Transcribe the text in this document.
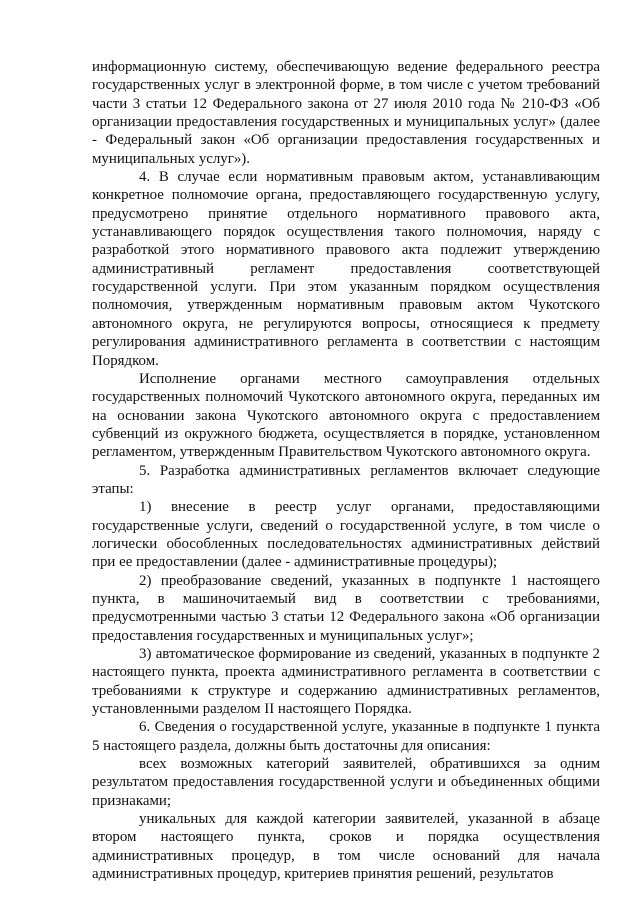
информационную систему, обеспечивающую ведение федерального реестра государственных услуг в электронной форме, в том числе с учетом требований части 3 статьи 12 Федерального закона от 27 июля 2010 года № 210-ФЗ «Об организации предоставления государственных и муниципальных услуг» (далее - Федеральный закон «Об организации предоставления государственных и муниципальных услуг»).

4. В случае если нормативным правовым актом, устанавливающим конкретное полномочие органа, предоставляющего государственную услугу, предусмотрено принятие отдельного нормативного правового акта, устанавливающего порядок осуществления такого полномочия, наряду с разработкой этого нормативного правового акта подлежит утверждению административный регламент предоставления соответствующей государственной услуги. При этом указанным порядком осуществления полномочия, утвержденным нормативным правовым актом Чукотского автономного округа, не регулируются вопросы, относящиеся к предмету регулирования административного регламента в соответствии с настоящим Порядком.

Исполнение органами местного самоуправления отдельных государственных полномочий Чукотского автономного округа, переданных им на основании закона Чукотского автономного округа с предоставлением субвенций из окружного бюджета, осуществляется в порядке, установленном регламентом, утвержденным Правительством Чукотского автономного округа.

5. Разработка административных регламентов включает следующие этапы:

1) внесение в реестр услуг органами, предоставляющими государственные услуги, сведений о государственной услуге, в том числе о логически обособленных последовательностях административных действий при ее предоставлении (далее - административные процедуры);

2) преобразование сведений, указанных в подпункте 1 настоящего пункта, в машиночитаемый вид в соответствии с требованиями, предусмотренными частью 3 статьи 12 Федерального закона «Об организации предоставления государственных и муниципальных услуг»;

3) автоматическое формирование из сведений, указанных в подпункте 2 настоящего пункта, проекта административного регламента в соответствии с требованиями к структуре и содержанию административных регламентов, установленными разделом II настоящего Порядка.

6. Сведения о государственной услуге, указанные в подпункте 1 пункта 5 настоящего раздела, должны быть достаточны для описания:

всех возможных категорий заявителей, обратившихся за одним результатом предоставления государственной услуги и объединенных общими признаками;

уникальных для каждой категории заявителей, указанной в абзаце втором настоящего пункта, сроков и порядка осуществления административных процедур, в том числе оснований для начала административных процедур, критериев принятия решений, результатов
